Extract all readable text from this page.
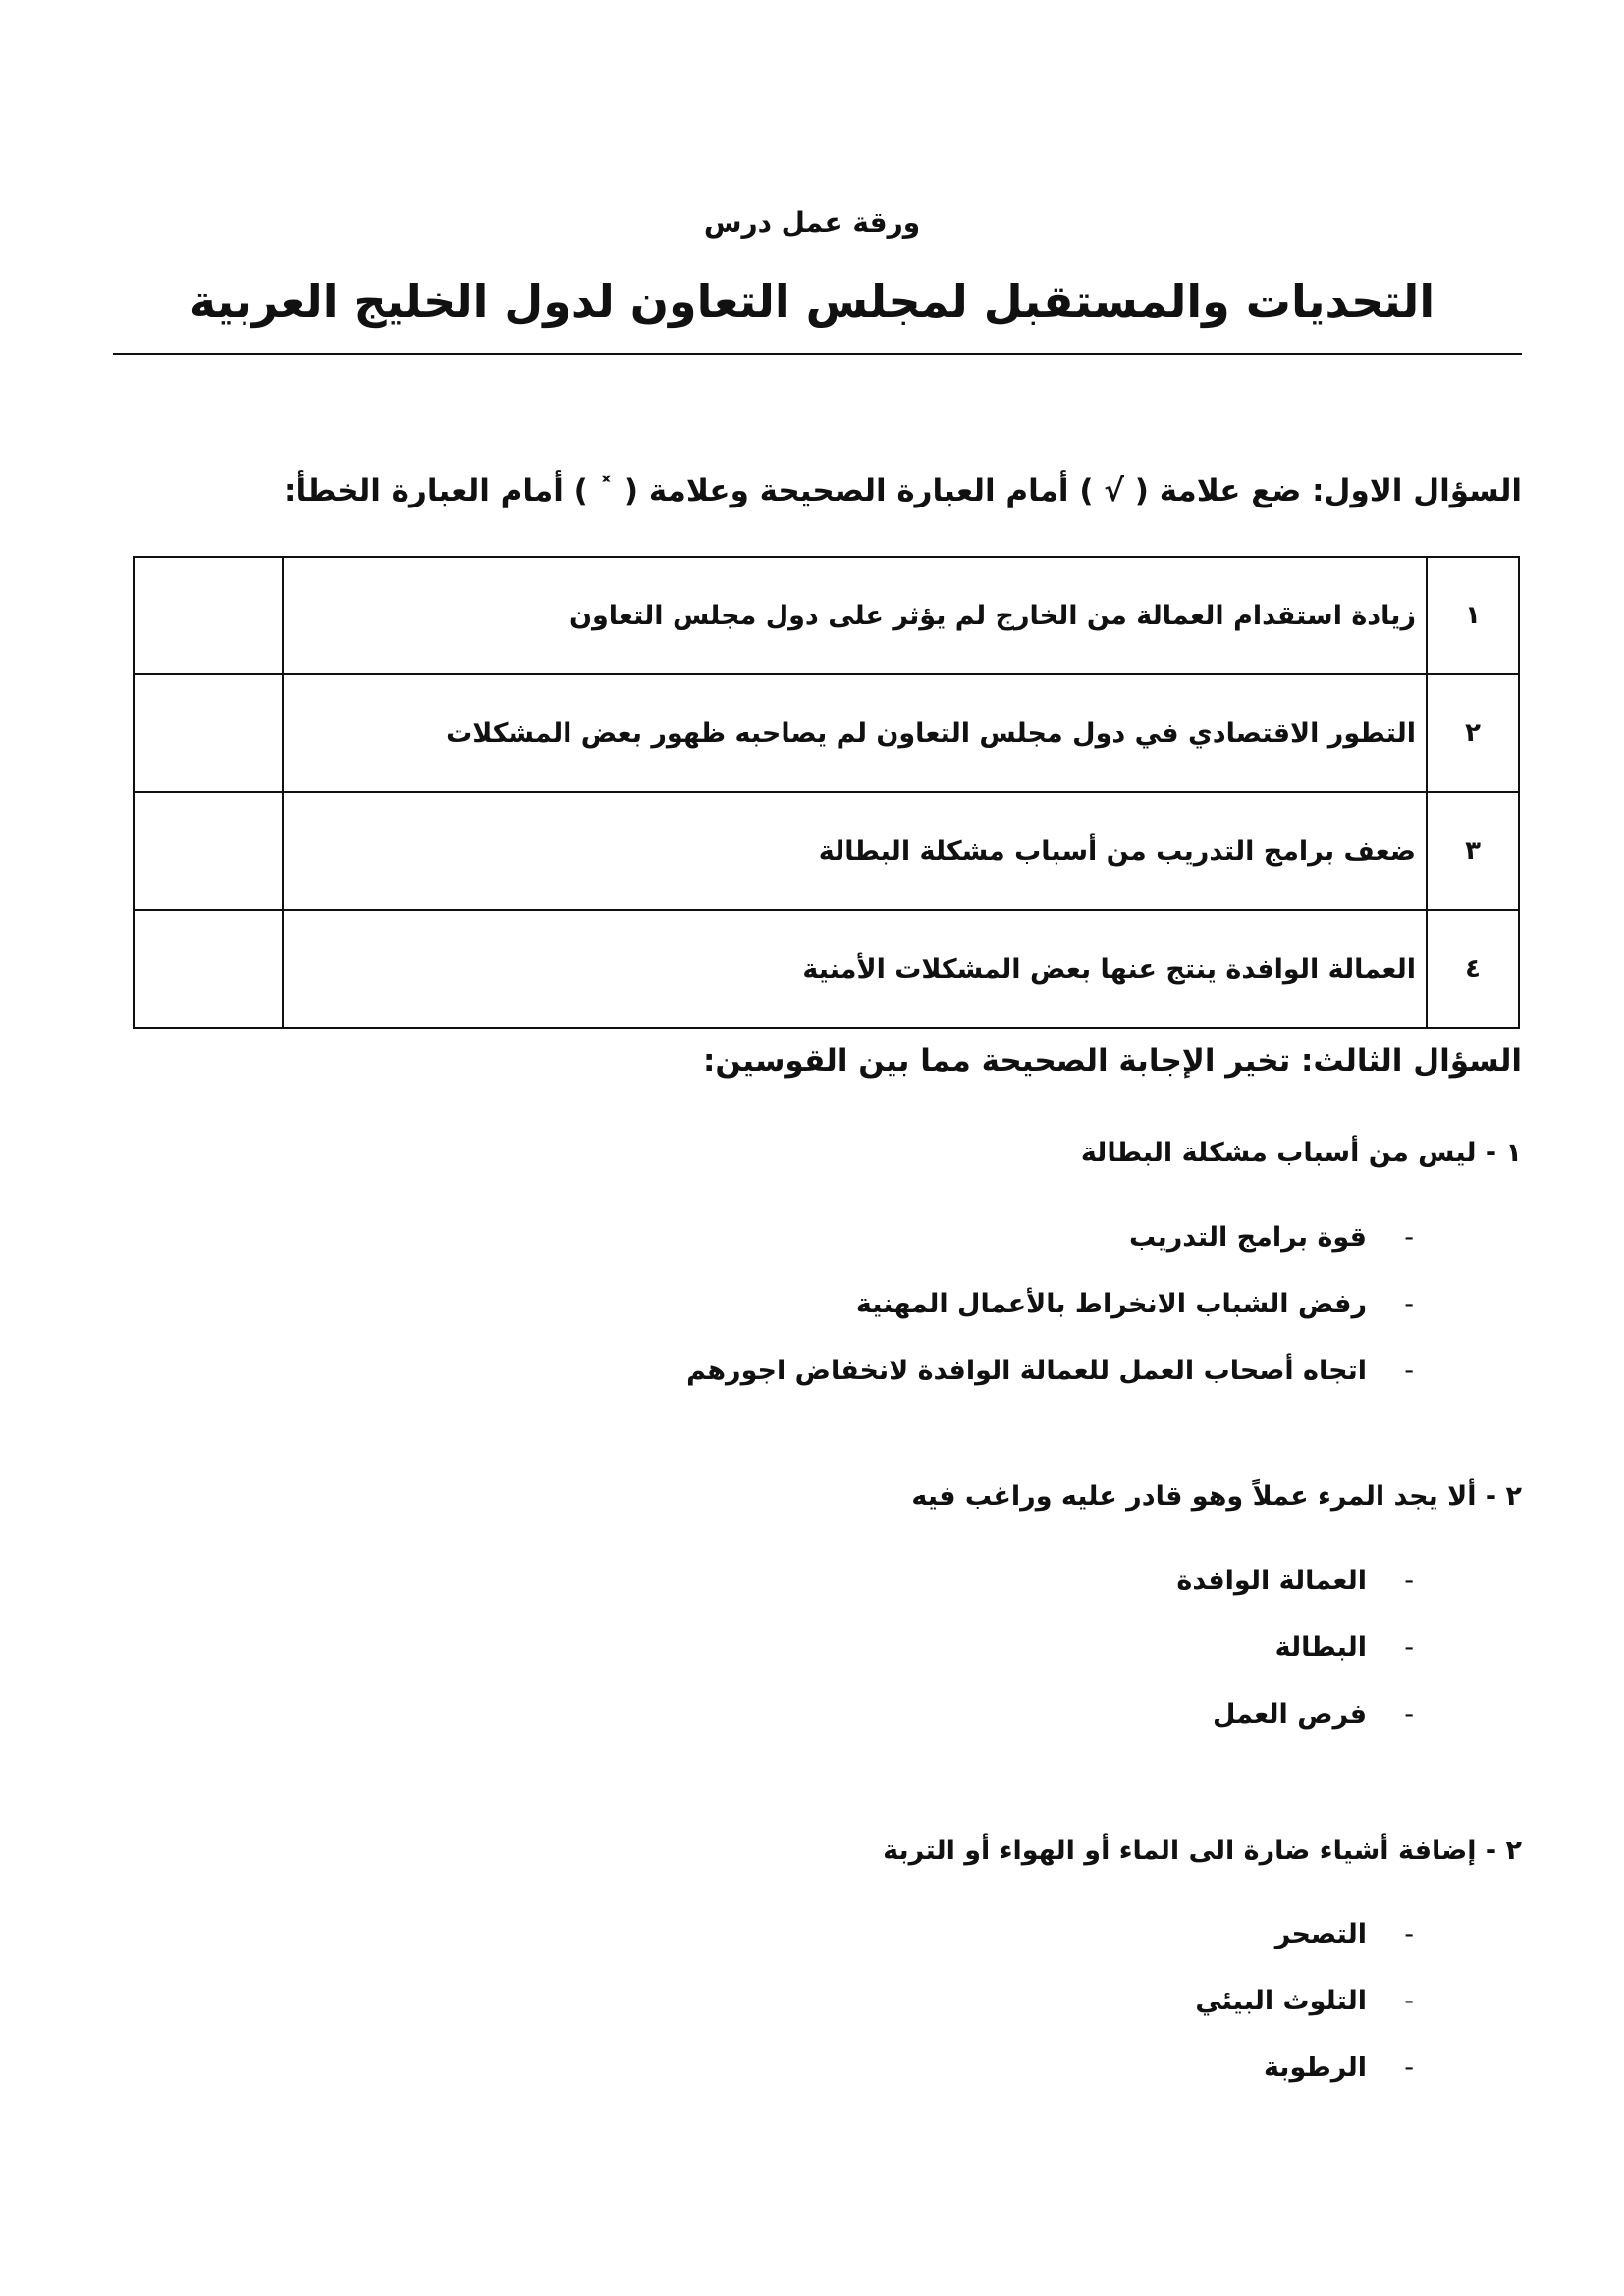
ورقة عمل درس
التحديات والمستقبل لمجلس التعاون لدول الخليج العربية
السؤال الاول: ضع علامة ( √ ) أمام العبارة الصحيحة وعلامة ( ˟ ) أمام العبارة الخطأ:
١	زيادة استقدام العمالة من الخارج لم يؤثر على دول مجلس التعاون	
٢	التطور الاقتصادي في دول مجلس التعاون لم يصاحبه ظهور بعض المشكلات	
٣	ضعف برامج التدريب من أسباب مشكلة البطالة	
٤	العمالة الوافدة ينتج عنها بعض المشكلات الأمنية	
السؤال الثالث: تخير الإجابة الصحيحة مما بين القوسين:
١ - ليس من أسباب مشكلة البطالة
-قوة برامج التدريب
-رفض الشباب الانخراط بالأعمال المهنية
-اتجاه أصحاب العمل للعمالة الوافدة لانخفاض اجورهم
٢ - ألا يجد المرء عملاً وهو قادر عليه وراغب فيه
-العمالة الوافدة
-البطالة
-فرص العمل
٢ - إضافة أشياء ضارة الى الماء أو الهواء أو التربة
-التصحر
-التلوث البيئي
-الرطوبة
